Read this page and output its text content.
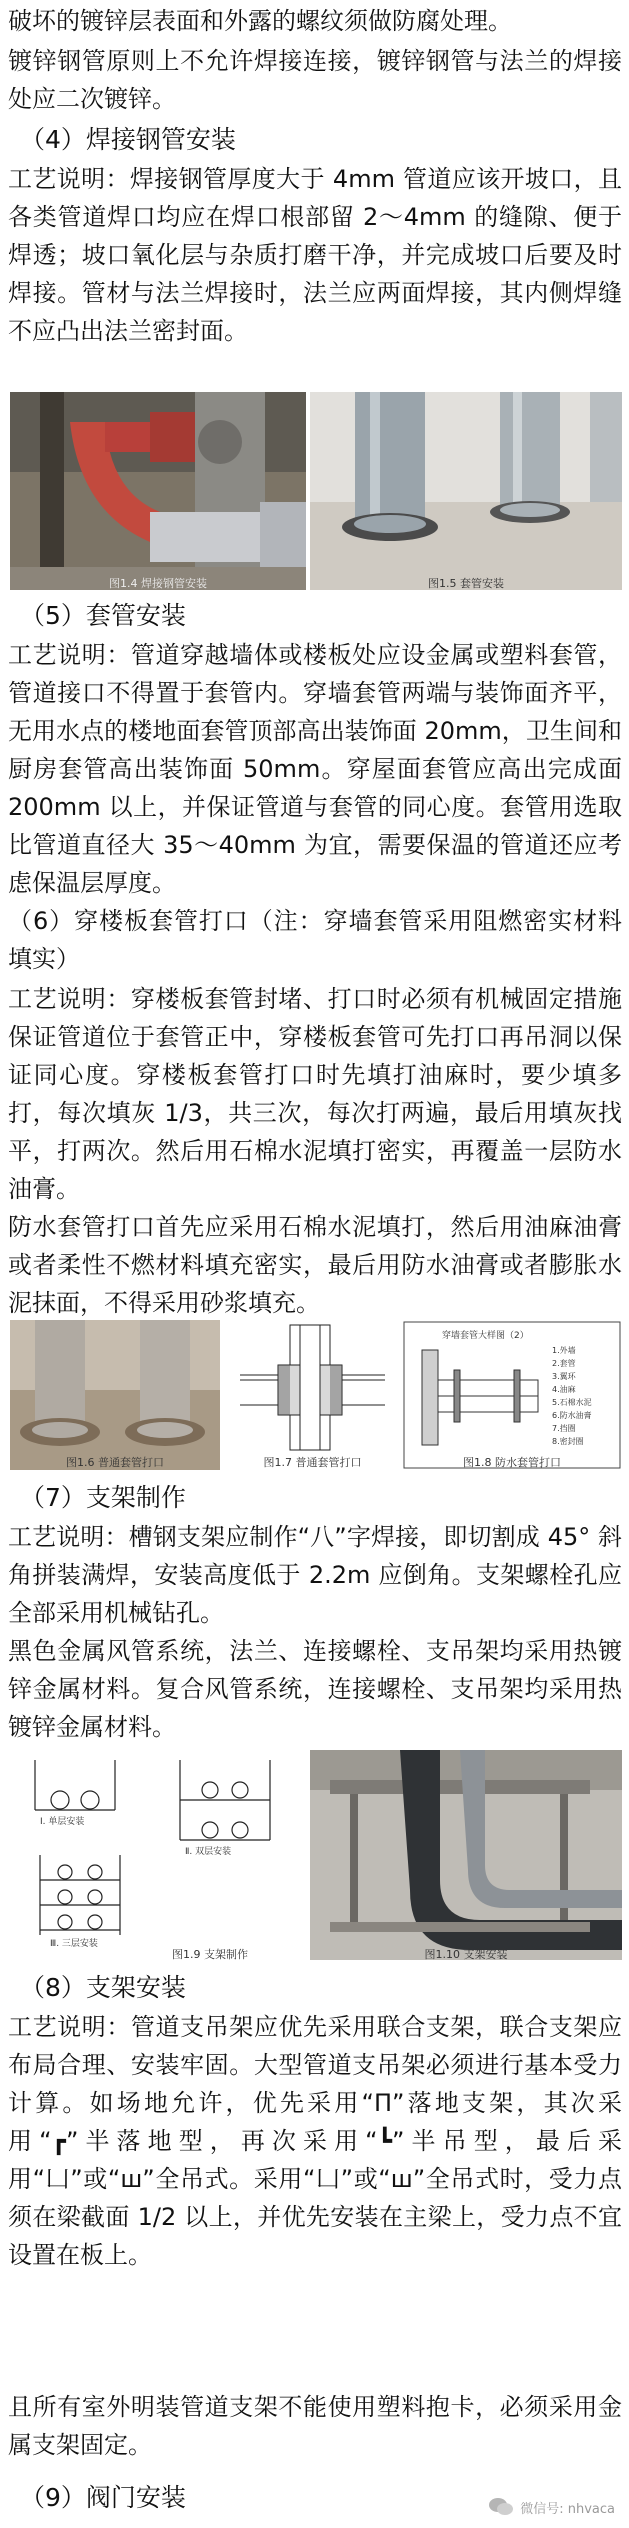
破坏的镀锌层表面和外露的螺纹须做防腐处理。
镀锌钢管原则上不允许焊接连接，镀锌钢管与法兰的焊接处应二次镀锌。
（4）焊接钢管安装
工艺说明：焊接钢管厚度大于 4mm 管道应该开坡口，且各类管道焊口均应在焊口根部留 2～4mm 的缝隙、便于焊透；坡口氧化层与杂质打磨干净，并完成坡口后要及时焊接。管材与法兰焊接时，法兰应两面焊接，其内侧焊缝不应凸出法兰密封面。
图1.4 焊接钢管安装	图1.5 套管安装
（5）套管安装
工艺说明：管道穿越墙体或楼板处应设金属或塑料套管，管道接口不得置于套管内。穿墙套管两端与装饰面齐平，无用水点的楼地面套管顶部高出装饰面 20mm，卫生间和厨房套管高出装饰面 50mm。穿屋面套管应高出完成面 200mm 以上，并保证管道与套管的同心度。套管用选取比管道直径大 35～40mm 为宜，需要保温的管道还应考虑保温层厚度。
（6）穿楼板套管打口（注：穿墙套管采用阻燃密实材料填实）
工艺说明：穿楼板套管封堵、打口时必须有机械固定措施保证管道位于套管正中，穿楼板套管可先打口再吊洞以保证同心度。穿楼板套管打口时先填打油麻时，要少填多打，每次填灰 1/3，共三次，每次打两遍，最后用填灰找平，打两次。然后用石棉水泥填打密实，再覆盖一层防水油膏。
防水套管打口首先应采用石棉水泥填打，然后用油麻油膏或者柔性不燃材料填充密实，最后用防水油膏或者膨胀水泥抹面，不得采用砂浆填充。
图1.6 普通套管打口	图1.7 普通套管打口
穿墙套管大样图（2）
1.外墙
2.套管
3.翼环
4.油麻
5.石棉水泥
6.防水油膏
7.挡圈
8.密封圈
图1.8 防水套管打口
（7）支架制作
工艺说明：槽钢支架应制作“八”字焊接，即切割成 45° 斜角拼装满焊，安装高度低于 2.2m 应倒角。支架螺栓孔应全部采用机械钻孔。
黑色金属风管系统，法兰、连接螺栓、支吊架均采用热镀锌金属材料。复合风管系统，连接螺栓、支吊架均采用热镀锌金属材料。
Ⅰ. 单层安装
Ⅱ. 双层安装
Ⅲ. 三层安装
图1.9 支架制作	图1.10 支架安装
（8）支架安装
工艺说明：管道支吊架应优先采用联合支架，联合支架应布局合理、安装牢固。大型管道支吊架必须进行基本受力计算。如场地允许，优先采用“Π”落地支架，其次采用“┏”半落地型，再次采用“┗”半吊型，最后采用“凵”或“ш”全吊式。采用“凵”或“ш”全吊式时，受力点须在梁截面 1/2 以上，并优先安装在主梁上，受力点不宜设置在板上。
且所有室外明装管道支架不能使用塑料抱卡，必须采用金属支架固定。
（9）阀门安装	微信号: nhvaca
